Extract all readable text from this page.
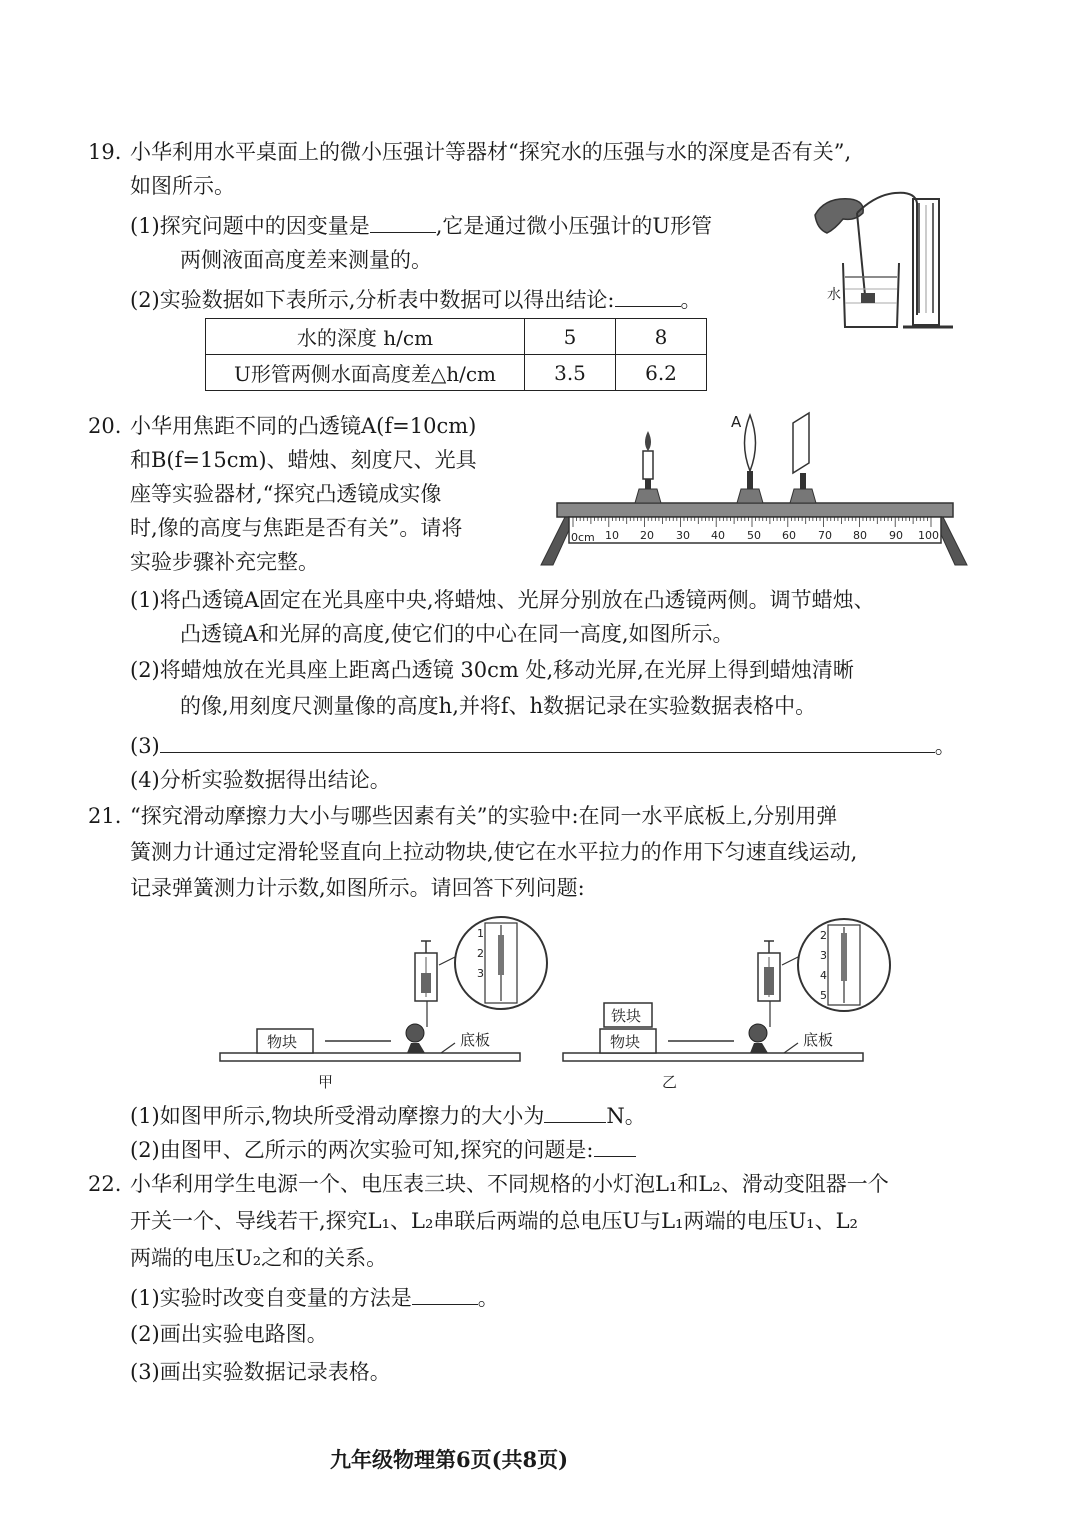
19. 小华利用水平桌面上的微小压强计等器材“探究水的压强与水的深度是否有关”,
如图所示。
(1)探究问题中的因变量是	,它是通过微小压强计的U形管
两侧液面高度差来测量的。
(2)实验数据如下表所示,分析表中数据可以得出结论:	。
水的深度 h/cm	5	8
U形管两侧水面高度差△h/cm	3.5	6.2
水
20. 小华用焦距不同的凸透镜A(f=10cm)
和B(f=15cm)、蜡烛、刻度尺、光具
座等实验器材,“探究凸透镜成实像
时,像的高度与焦距是否有关”。请将
实验步骤补充完整。
0cm 10 20 30 40 50 60 70 80 90 100
A
(1)将凸透镜A固定在光具座中央,将蜡烛、光屏分别放在凸透镜两侧。调节蜡烛、
凸透镜A和光屏的高度,使它们的中心在同一高度,如图所示。
(2)将蜡烛放在光具座上距离凸透镜 30cm 处,移动光屏,在光屏上得到蜡烛清晰
的像,用刻度尺测量像的高度h,并将f、h数据记录在实验数据表格中。
(3)	。
(4)分析实验数据得出结论。
21. “探究滑动摩擦力大小与哪些因素有关”的实验中:在同一水平底板上,分别用弹
簧测力计通过定滑轮竖直向上拉动物块,使它在水平拉力的作用下匀速直线运动,
记录弹簧测力计示数,如图所示。请回答下列问题:
物块
1
2
3
底板
甲
物块
铁块
2
3
4
5
底板
乙
(1)如图甲所示,物块所受滑动摩擦力的大小为	N。
(2)由图甲、乙所示的两次实验可知,探究的问题是:
22. 小华利用学生电源一个、电压表三块、不同规格的小灯泡L₁和L₂、滑动变阻器一个
开关一个、导线若干,探究L₁、L₂串联后两端的总电压U与L₁两端的电压U₁、L₂
两端的电压U₂之和的关系。
(1)实验时改变自变量的方法是	。
(2)画出实验电路图。
(3)画出实验数据记录表格。
九年级物理第6页(共8页)
